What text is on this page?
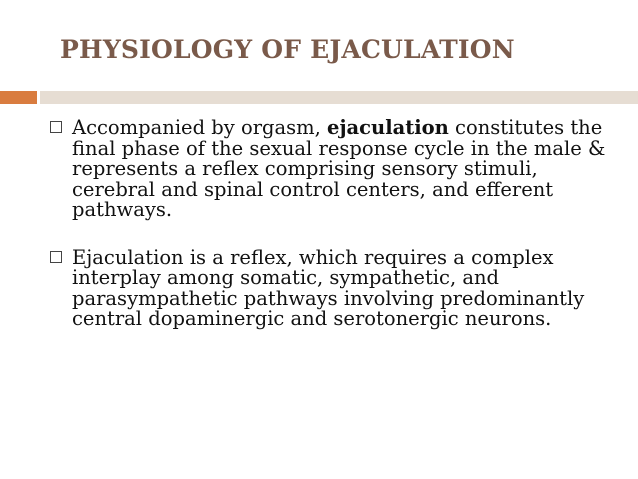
PHYSIOLOGY OF EJACULATION
Accompanied by orgasm, ejaculation constitutes the final phase of the sexual response cycle in the male & represents a reflex comprising sensory stimuli, cerebral and spinal control centers, and efferent pathways.
Ejaculation is a reflex, which requires a complex interplay among somatic, sympathetic, and parasympathetic pathways involving predominantly central dopaminergic and serotonergic neurons.
